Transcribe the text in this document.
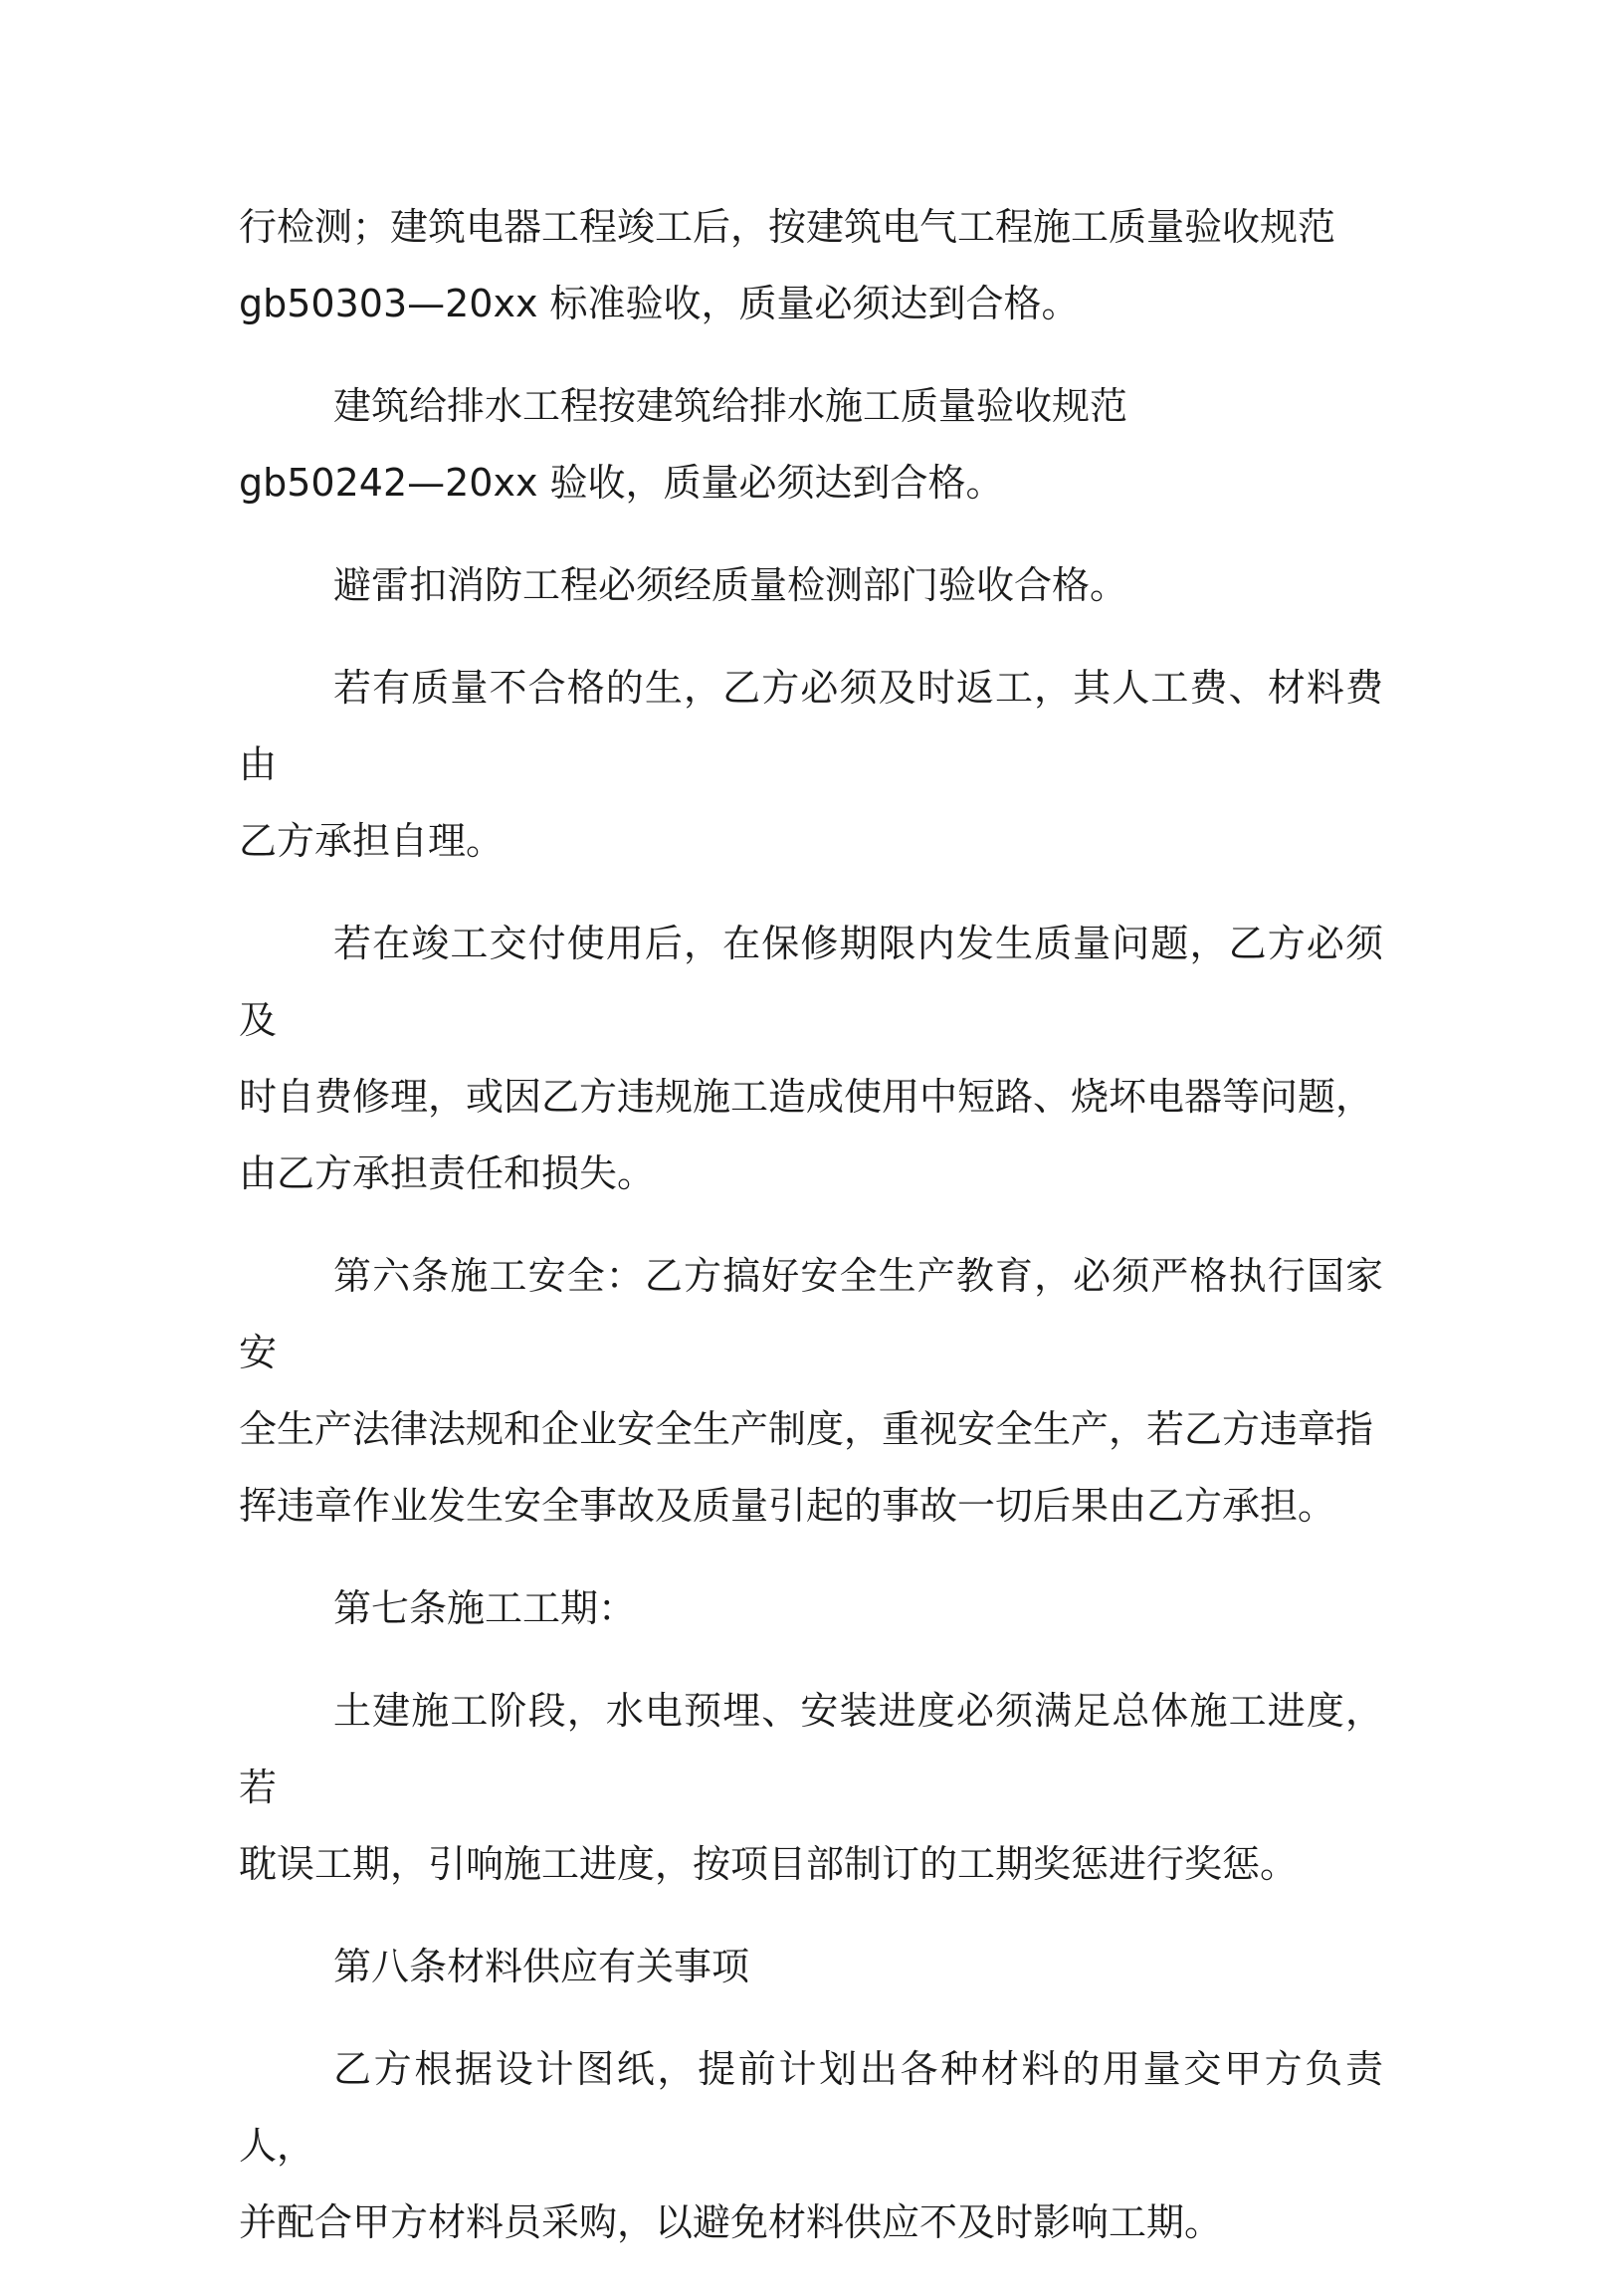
行检测；建筑电器工程竣工后，按建筑电气工程施工质量验收规范
gb50303—20xx 标准验收，质量必须达到合格。

建筑给排水工程按建筑给排水施工质量验收规范
gb50242—20xx 验收，质量必须达到合格。

避雷扣消防工程必须经质量检测部门验收合格。

若有质量不合格的生，乙方必须及时返工，其人工费、材料费由
乙方承担自理。

若在竣工交付使用后，在保修期限内发生质量问题，乙方必须及
时自费修理，或因乙方违规施工造成使用中短路、烧坏电器等问题，
由乙方承担责任和损失。

第六条施工安全：乙方搞好安全生产教育，必须严格执行国家安
全生产法律法规和企业安全生产制度，重视安全生产，若乙方违章指
挥违章作业发生安全事故及质量引起的事故一切后果由乙方承担。

第七条施工工期：

土建施工阶段，水电预埋、安装进度必须满足总体施工进度，若
耽误工期，引响施工进度，按项目部制订的工期奖惩进行奖惩。

第八条材料供应有关事项

乙方根据设计图纸，提前计划出各种材料的用量交甲方负责人，
并配合甲方材料员采购，以避免材料供应不及时影响工期。
